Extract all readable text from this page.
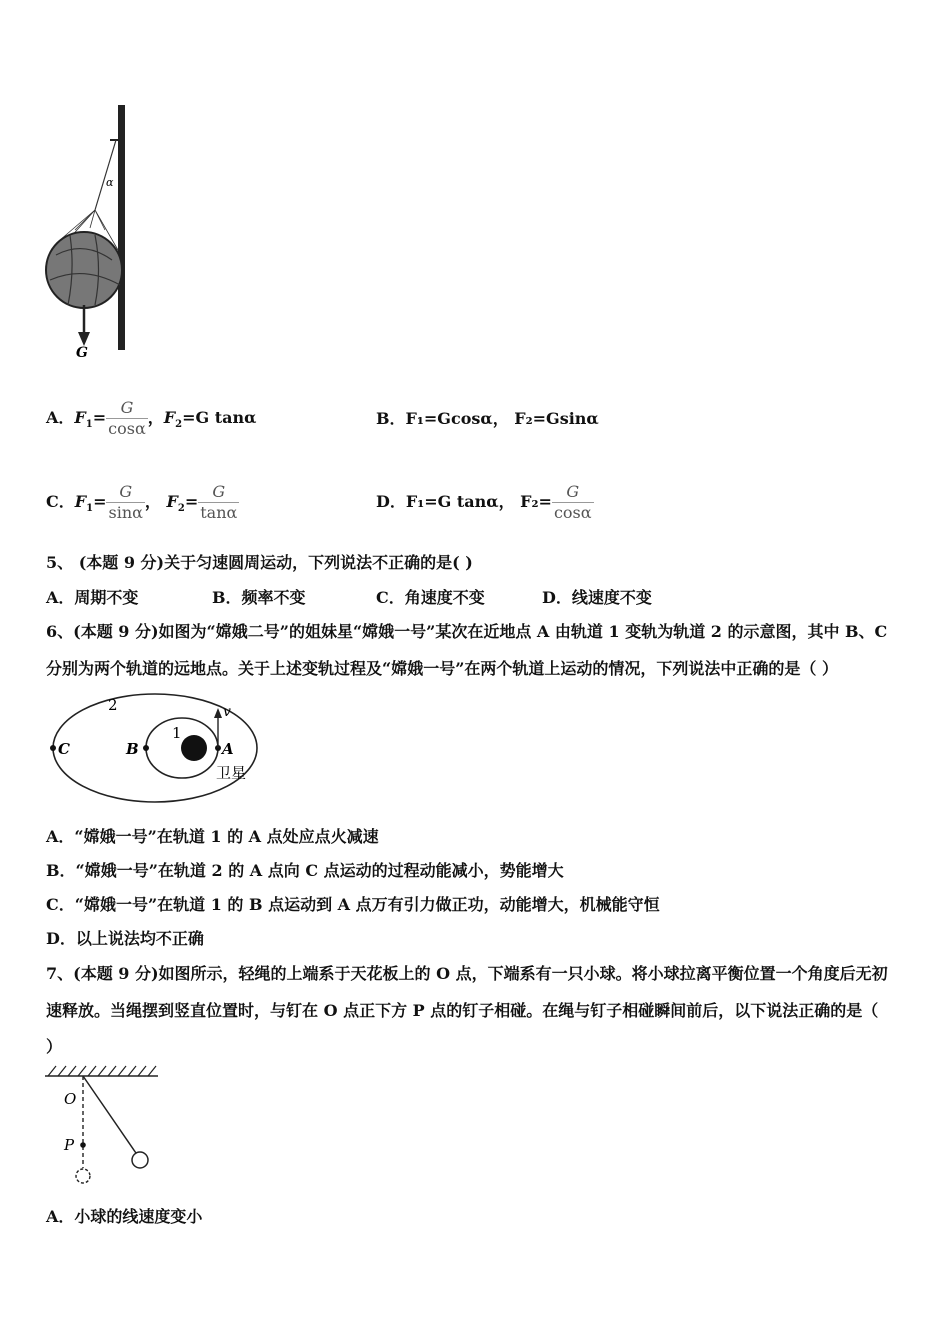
G
α
A．$F_1= \frac{G}{\cos\alpha}$ ，$F_2=G$ tanα	B．F₁=Gcosα， F₂=Gsinα
C．$F_1= \frac{G}{\sin\alpha}$ ， $F_2= \frac{G}{\tan\alpha}$	D．F₁=G tanα， $F_2= \frac{G}{\cos\alpha}$
5、 (本题 9 分)关于匀速圆周运动，下列说法不正确的是( )
A．周期不变	B．频率不变	C．角速度不变	D．线速度不变
6、(本题 9 分)如图为“嫦娥二号”的姐妹星“嫦娥一号”某次在近地点 A 由轨道 1 变轨为轨道 2 的示意图，其中 B、C
分别为两个轨道的远地点。关于上述变轨过程及“嫦娥一号”在两个轨道上运动的情况，下列说法中正确的是（ ）
2
1
C	B	A
v
卫星
A．“嫦娥一号”在轨道 1 的 A 点处应点火减速
B．“嫦娥一号”在轨道 2 的 A 点向 C 点运动的过程动能减小，势能增大
C．“嫦娥一号”在轨道 1 的 B 点运动到 A 点万有引力做正功，动能增大，机械能守恒
D．以上说法均不正确
7、(本题 9 分)如图所示，轻绳的上端系于天花板上的 O 点，下端系有一只小球。将小球拉离平衡位置一个角度后无初
速释放。当绳摆到竖直位置时，与钉在 O 点正下方 P 点的钉子相碰。在绳与钉子相碰瞬间前后，以下说法正确的是（
）
O
P
A．小球的线速度变小
